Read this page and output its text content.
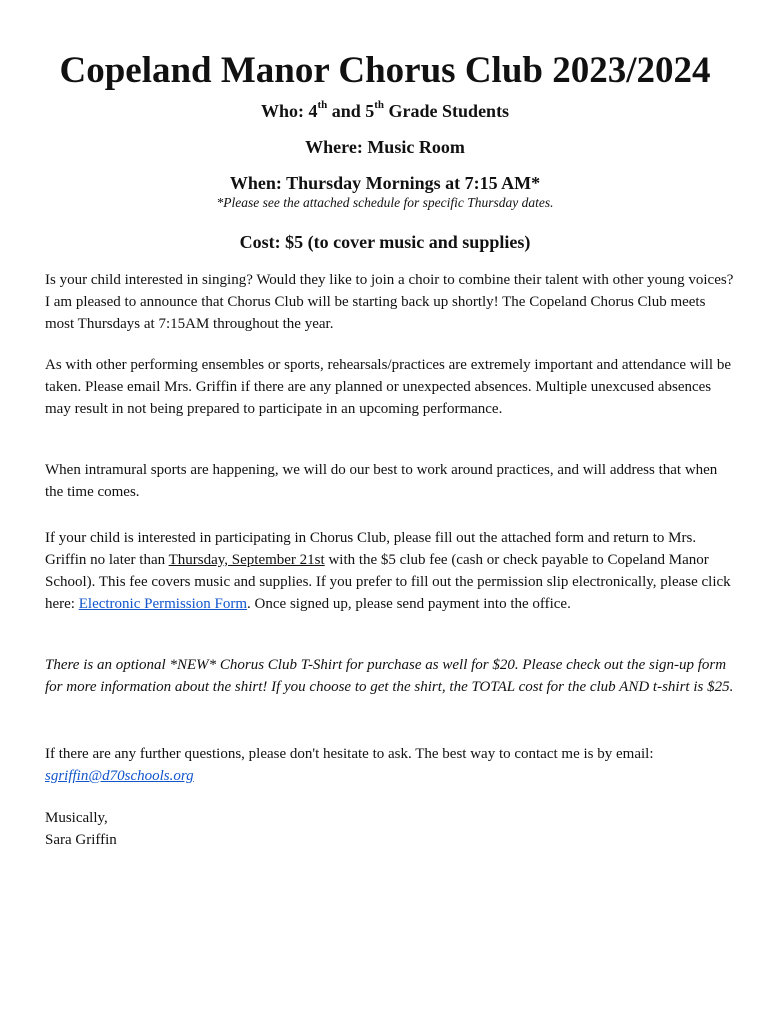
Copeland Manor Chorus Club 2023/2024

Who: 4th and 5th Grade Students

Where: Music Room

When: Thursday Mornings at 7:15 AM*

*Please see the attached schedule for specific Thursday dates.

Cost: $5 (to cover music and supplies)

Is your child interested in singing? Would they like to join a choir to combine their talent with other young voices? I am pleased to announce that Chorus Club will be starting back up shortly! The Copeland Chorus Club meets most Thursdays at 7:15AM throughout the year.

As with other performing ensembles or sports, rehearsals/practices are extremely important and attendance will be taken. Please email Mrs. Griffin if there are any planned or unexpected absences. Multiple unexcused absences may result in not being prepared to participate in an upcoming performance.

When intramural sports are happening, we will do our best to work around practices, and will address that when the time comes.

If your child is interested in participating in Chorus Club, please fill out the attached form and return to Mrs. Griffin no later than Thursday, September 21st with the $5 club fee (cash or check payable to Copeland Manor School). This fee covers music and supplies. If you prefer to fill out the permission slip electronically, please click here: Electronic Permission Form. Once signed up, please send payment into the office.

There is an optional *NEW* Chorus Club T-Shirt for purchase as well for $20. Please check out the sign-up form for more information about the shirt! If you choose to get the shirt, the TOTAL cost for the club AND t-shirt is $25.

If there are any further questions, please don't hesitate to ask. The best way to contact me is by email: sgriffin@d70schools.org

Musically,
Sara Griffin
